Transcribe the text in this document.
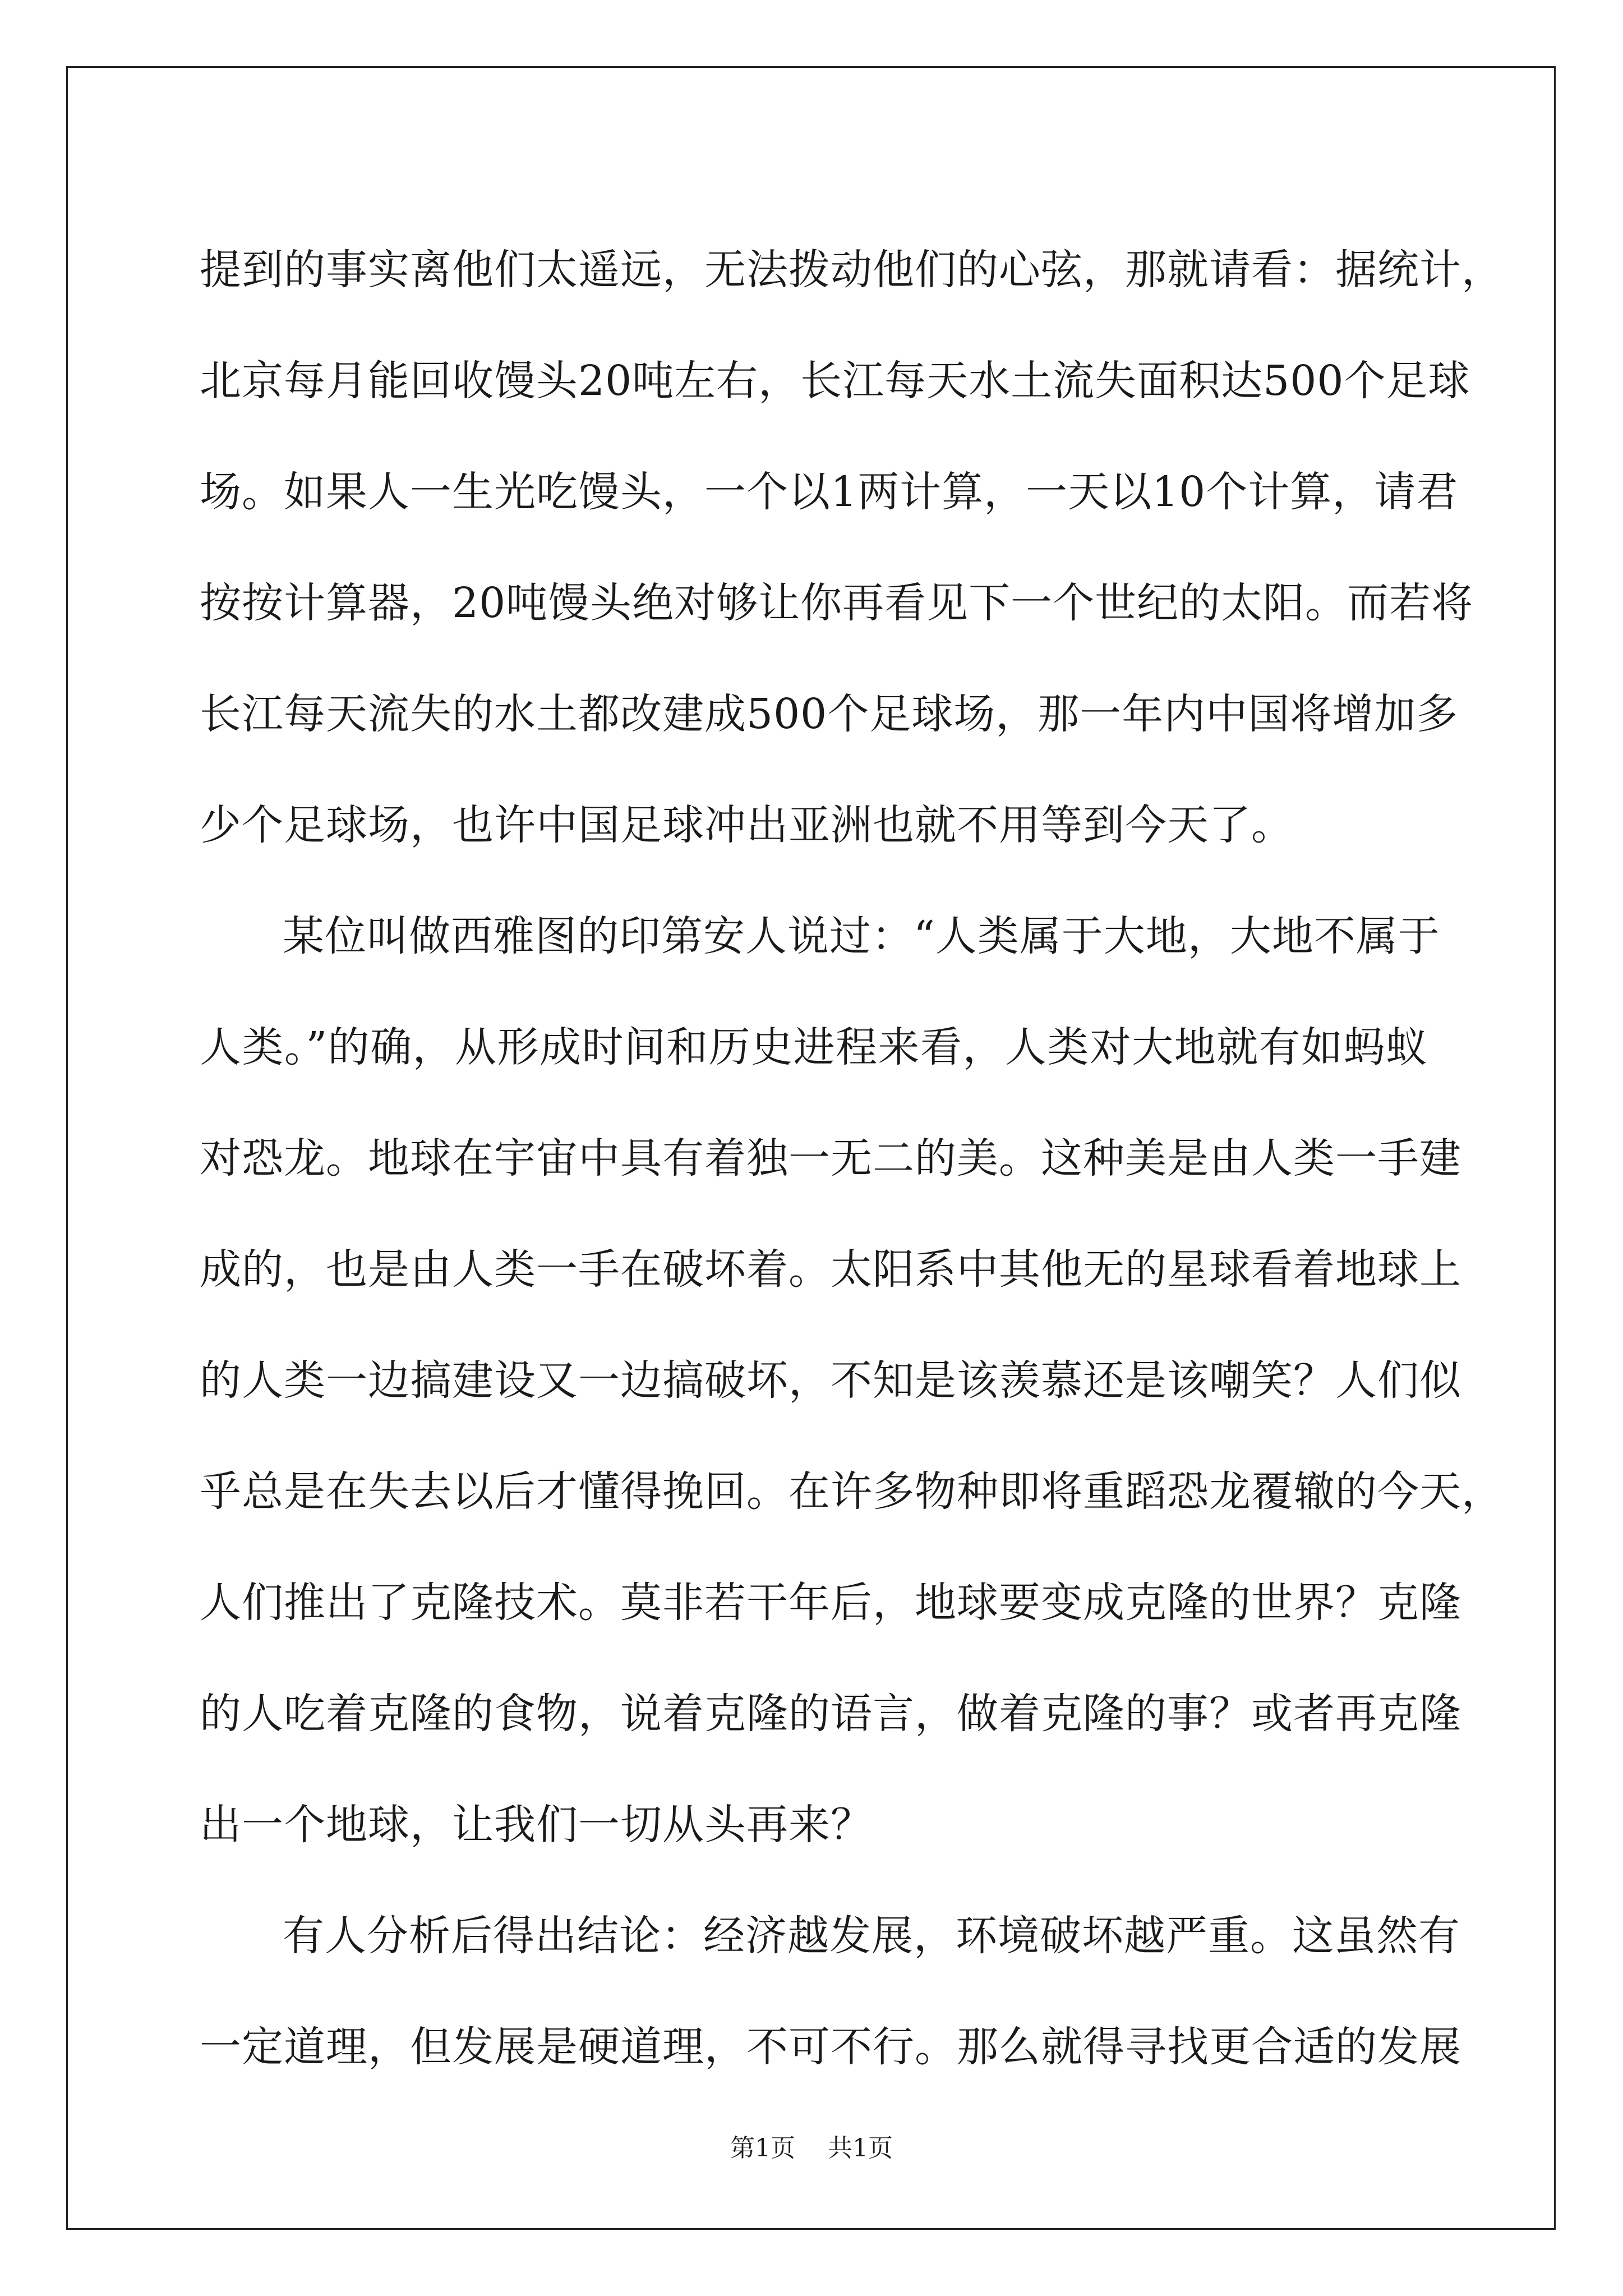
提到的事实离他们太遥远，无法拨动他们的心弦，那就请看：据统计，
北京每月能回收馒头20吨左右，长江每天水土流失面积达500个足球
场。如果人一生光吃馒头，一个以1两计算，一天以10个计算，请君
按按计算器，20吨馒头绝对够让你再看见下一个世纪的太阳。而若将
长江每天流失的水土都改建成500个足球场，那一年内中国将增加多
少个足球场，也许中国足球冲出亚洲也就不用等到今天了。
某位叫做西雅图的印第安人说过：“人类属于大地，大地不属于
人类。”的确，从形成时间和历史进程来看，人类对大地就有如蚂蚁
对恐龙。地球在宇宙中具有着独一无二的美。这种美是由人类一手建
成的，也是由人类一手在破坏着。太阳系中其他无的星球看着地球上
的人类一边搞建设又一边搞破坏，不知是该羡慕还是该嘲笑？人们似
乎总是在失去以后才懂得挽回。在许多物种即将重蹈恐龙覆辙的今天，
人们推出了克隆技术。莫非若干年后，地球要变成克隆的世界？克隆
的人吃着克隆的食物，说着克隆的语言，做着克隆的事？或者再克隆
出一个地球，让我们一切从头再来？
有人分析后得出结论：经济越发展，环境破坏越严重。这虽然有
一定道理，但发展是硬道理，不可不行。那么就得寻找更合适的发展
第1页 共1页
